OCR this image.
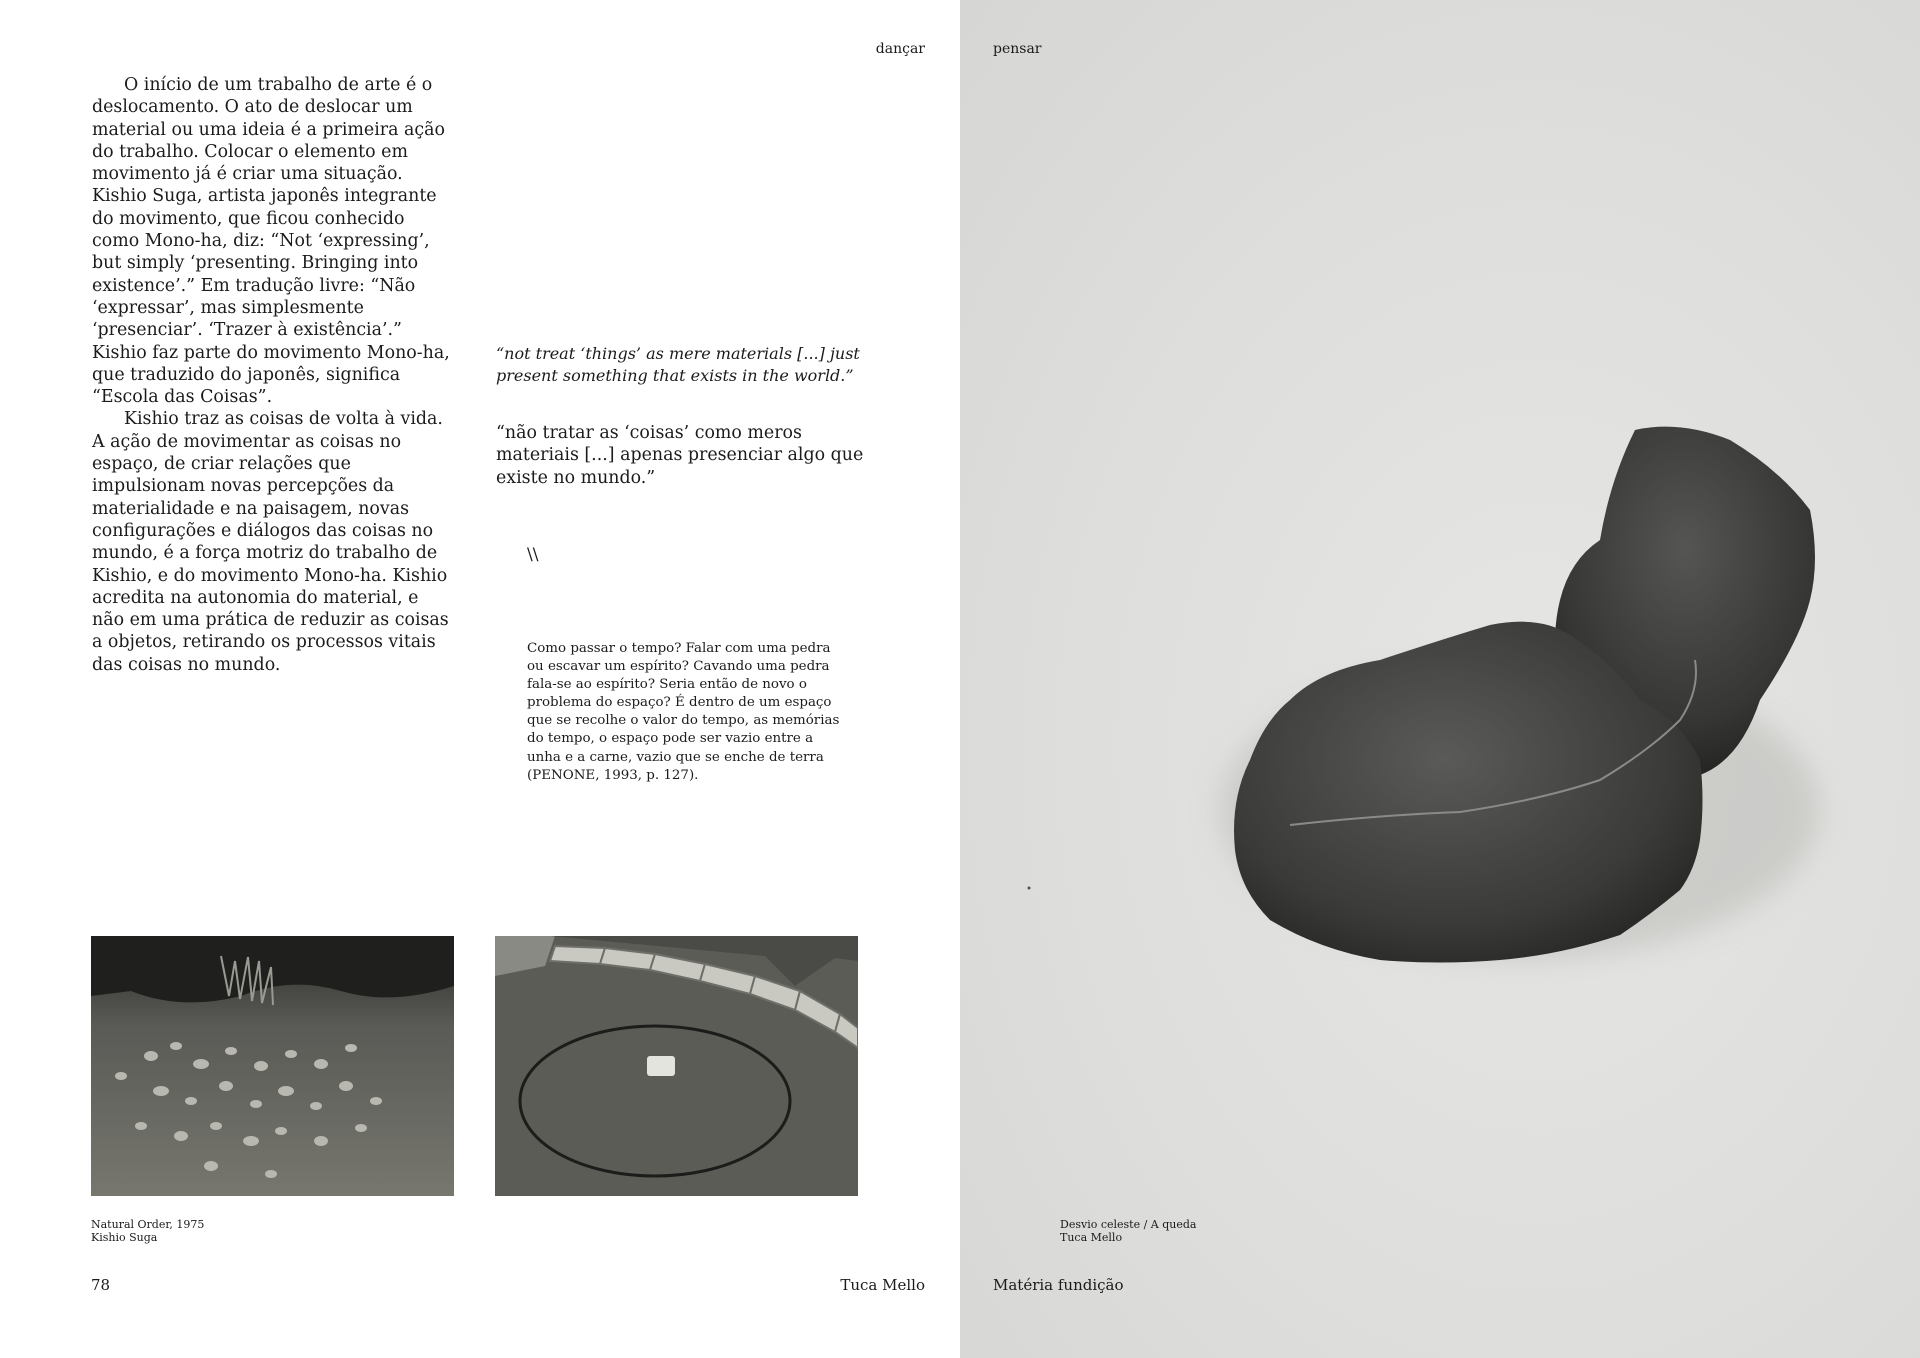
dançar

O início de um trabalho de arte é o deslocamento. O ato de deslocar um material ou uma ideia é a primeira ação do trabalho. Colocar o elemento em movimento já é criar uma situação. Kishio Suga, artista japonês integrante do movimento, que ficou conhecido como Mono-ha, diz: “Not ‘expressing’, but simply ‘presenting. Bringing into existence’.” Em tradução livre: “Não ‘expressar’, mas simplesmente ‘presenciar’. ‘Trazer à existência’.” Kishio faz parte do movimento Mono-ha, que traduzido do japonês, significa “Escola das Coisas”.

Kishio traz as coisas de volta à vida. A ação de movimentar as coisas no espaço, de criar relações que impulsionam novas percepções da materialidade e na paisagem, novas configurações e diálogos das coisas no mundo, é a força motriz do trabalho de Kishio, e do movimento Mono-ha. Kishio acredita na autonomia do material, e não em uma prática de reduzir as coisas a objetos, retirando os processos vitais das coisas no mundo.

“not treat ‘things’ as mere materials [...] just present something that exists in the world.”
“não tratar as ‘coisas’ como meros materiais [...] apenas presenciar algo que existe no mundo.”
\\
Como passar o tempo? Falar com uma pedra ou escavar um espírito? Cavando uma pedra fala-se ao espírito? Seria então de novo o problema do espaço? É dentro de um espaço que se recolhe o valor do tempo, as memórias do tempo, o espaço pode ser vazio entre a unha e a carne, vazio que se enche de terra (PENONE, 1993, p. 127).
Natural Order, 1975
Kishio Suga
78	Tuca Mello
pensar
Desvio celeste / A queda
Tuca Mello
Matéria fundição
